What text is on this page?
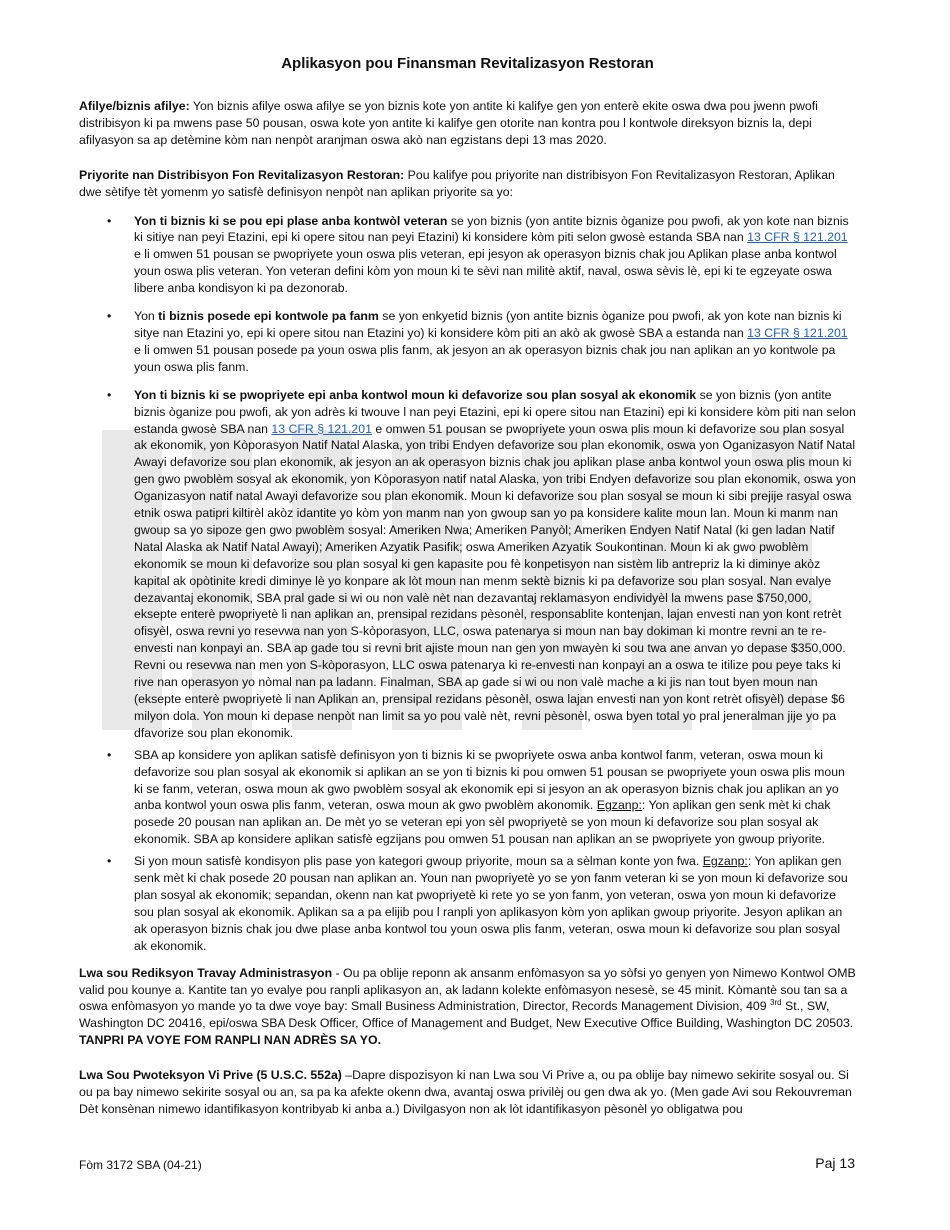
Aplikasyon pou Finansman Revitalizasyon Restoran

Afilye/biznis afilye: Yon biznis afilye oswa afilye se yon biznis kote yon antite ki kalifye gen yon enterè ekite oswa dwa pou jwenn pwofi distribisyon ki pa mwens pase 50 pousan, oswa kote yon antite ki kalifye gen otorite nan kontra pou l kontwole direksyon biznis la, depi afilyasyon sa ap detèmine kòm nan nenpòt aranjman oswa akò nan egzistans depi 13 mas 2020.

Priyorite nan Distribisyon Fon Revitalizasyon Restoran: Pou kalifye pou priyorite nan distribisyon Fon Revitalizasyon Restoran, Aplikan dwe sètifye tèt yomenm yo satisfè definisyon nenpòt nan aplikan priyorite sa yo:

• Yon ti biznis ki se pou epi plase anba kontwòl veteran se yon biznis (yon antite biznis òganize pou pwofi, ak yon kote nan biznis ki sitiye nan peyi Etazini, epi ki opere sitou nan peyi Etazini) ki konsidere kòm piti selon gwosè estanda SBA nan 13 CFR § 121.201 e li omwen 51 pousan se pwopriyete youn oswa plis veteran, epi jesyon ak operasyon biznis chak jou Aplikan plase anba kontwol youn oswa plis veteran. Yon veteran defini kòm yon moun ki te sèvi nan militè aktif, naval, oswa sèvis lè, epi ki te egzeyate oswa libere anba kondisyon ki pa dezonorab.
• Yon ti biznis posede epi kontwole pa fanm se yon enkyetid biznis (yon antite biznis òganize pou pwofi, ak yon kote nan biznis ki sitye nan Etazini yo, epi ki opere sitou nan Etazini yo) ki konsidere kòm piti an akò ak gwosè SBA a estanda nan 13 CFR § 121.201 e li omwen 51 pousan posede pa youn oswa plis fanm, ak jesyon an ak operasyon biznis chak jou nan aplikan an yo kontwole pa youn oswa plis fanm.
• Yon ti biznis ki se pwopriyete epi anba kontwol moun ki defavorize sou plan sosyal ak ekonomik se yon biznis (yon antite biznis òganize pou pwofi, ak yon adrès ki twouve l nan peyi Etazini, epi ki opere sitou nan Etazini) epi ki konsidere kòm piti nan selon estanda gwosè SBA nan 13 CFR § 121.201 e omwen 51 pousan se pwopriyete youn oswa plis moun ki defavorize sou plan sosyal ak ekonomik, yon Kòporasyon Natif Natal Alaska, yon tribi Endyen defavorize sou plan ekonomik, oswa yon Oganizasyon Natif Natal Awayi defavorize sou plan ekonomik, ak jesyon an ak operasyon biznis chak jou aplikan plase anba kontwol youn oswa plis moun ki gen gwo pwoblèm sosyal ak ekonomik, yon Kòporasyon natif natal Alaska, yon tribi Endyen defavorize sou plan ekonomik, oswa yon Oganizasyon natif natal Awayi defavorize sou plan ekonomik. Moun ki defavorize sou plan sosyal se moun ki sibi prejije rasyal oswa etnik oswa patipri kiltirèl akòz idantite yo kòm yon manm nan yon gwoup san yo pa konsidere kalite moun lan. Moun ki manm nan gwoup sa yo sipoze gen gwo pwoblèm sosyal: Ameriken Nwa; Ameriken Panyòl; Ameriken Endyen Natif Natal (ki gen ladan Natif Natal Alaska ak Natif Natal Awayi); Ameriken Azyatik Pasifik; oswa Ameriken Azyatik Soukontinan. Moun ki ak gwo pwoblèm ekonomik se moun ki defavorize sou plan sosyal ki gen kapasite pou fè konpetisyon nan sistèm lib antrepriz la ki diminye akòz kapital ak opòtinite kredi diminye lè yo konpare ak lòt moun nan menm sektè biznis ki pa defavorize sou plan sosyal. Nan evalye dezavantaj ekonomik, SBA pral gade si wi ou non valè nèt nan dezavantaj reklamasyon endividyèl la mwens pase $750,000, eksepte enterè pwopriyetè li nan aplikan an, prensipal rezidans pèsonèl, responsablite kontenjan, lajan envesti nan yon kont retrèt ofisyèl, oswa revni yo resevwa nan yon S-kòporasyon, LLC, oswa patenarya si moun nan bay dokiman ki montre revni an te re-envesti nan konpayi an. SBA ap gade tou si revni brit ajiste moun nan gen yon mwayèn ki sou twa ane anvan yo depase $350,000. Revni ou resevwa nan men yon S-kòporasyon, LLC oswa patenarya ki re-envesti nan konpayi an a oswa te itilize pou peye taks ki rive nan operasyon yo nòmal nan pa ladann. Finalman, SBA ap gade si wi ou non valè mache a ki jis nan tout byen moun nan (eksepte enterè pwopriyetè li nan Aplikan an, prensipal rezidans pèsonèl, oswa lajan envesti nan yon kont retrèt ofisyèl) depase $6 milyon dola. Yon moun ki depase nenpòt nan limit sa yo pou valè nèt, revni pèsonèl, oswa byen total yo pral jeneralman jije yo pa dfavorize sou plan ekonomik.
• SBA ap konsidere yon aplikan satisfè definisyon yon ti biznis ki se pwopriyete oswa anba kontwol fanm, veteran, oswa moun ki defavorize sou plan sosyal ak ekonomik si aplikan an se yon ti biznis ki pou omwen 51 pousan se pwopriyete youn oswa plis moun ki se fanm, veteran, oswa moun ak gwo pwoblèm sosyal ak ekonomik epi si jesyon an ak operasyon biznis chak jou aplikan an yo anba kontwol youn oswa plis fanm, veteran, oswa moun ak gwo pwoblèm akonomik. Egzanp:: Yon aplikan gen senk mèt ki chak posede 20 pousan nan aplikan an. De mèt yo se veteran epi yon sèl pwopriyetè se yon moun ki defavorize sou plan sosyal ak ekonomik. SBA ap konsidere aplikan satisfè egzijans pou omwen 51 pousan nan aplikan an se pwopriyete yon gwoup priyorite.
• Si yon moun satisfè kondisyon plis pase yon kategori gwoup priyorite, moun sa a sèlman konte yon fwa. Egzanp:: Yon aplikan gen senk mèt ki chak posede 20 pousan nan aplikan an. Youn nan pwopriyetè yo se yon fanm veteran ki se yon moun ki defavorize sou plan sosyal ak ekonomik; sepandan, okenn nan kat pwopriyetè ki rete yo se yon fanm, yon veteran, oswa yon moun ki defavorize sou plan sosyal ak ekonomik. Aplikan sa a pa elijib pou l ranpli yon aplikasyon kòm yon aplikan gwoup priyorite. Jesyon aplikan an ak operasyon biznis chak jou dwe plase anba kontwol tou youn oswa plis fanm, veteran, oswa moun ki defavorize sou plan sosyal ak ekonomik.

Lwa sou Rediksyon Travay Administrasyon - Ou pa oblije reponn ak ansanm enfòmasyon sa yo sòfsi yo genyen yon Nimewo Kontwol OMB valid pou kounye a. Kantite tan yo evalye pou ranpli aplikasyon an, ak ladann kolekte enfòmasyon nesesè, se 45 minit. Kòmantè sou tan sa a oswa enfòmasyon yo mande yo ta dwe voye bay: Small Business Administration, Director, Records Management Division, 409 $^{3rd}$ St., SW, Washington DC 20416, epi/oswa SBA Desk Officer, Office of Management and Budget, New Executive Office Building, Washington DC 20503. TANPRI PA VOYE FOM RANPLI NAN ADRÈS SA YO.

Lwa Sou Pwoteksyon Vi Prive (5 U.S.C. 552a) –Dapre dispozisyon ki nan Lwa sou Vi Prive a, ou pa oblije bay nimewo sekirite sosyal ou. Si ou pa bay nimewo sekirite sosyal ou an, sa pa ka afekte okenn dwa, avantaj oswa privilèj ou gen dwa ak yo. (Men gade Avi sou Rekouvreman Dèt konsènan nimewo idantifikasyon kontribyab ki anba a.) Divilgasyon non ak lòt idantifikasyon pèsonèl yo obligatwa pou

Fòm 3172 SBA (04-21)	Paj 13
